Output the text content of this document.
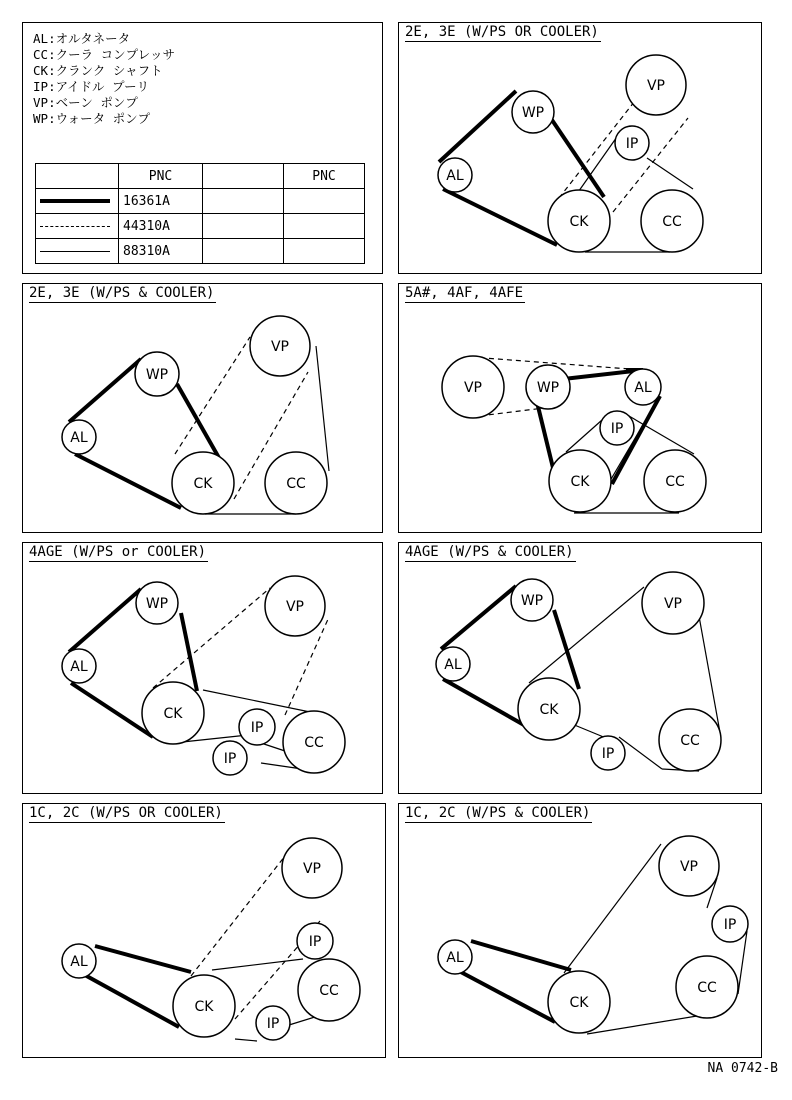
AL:オルタネータ
CC:クーラ コンプレッサ
CK:クランク シャフト
IP:アイドル プーリ
VP:ベーン ポンプ
WP:ウォータ ポンプ
	PNC		PNC

	16361A		

	44310A		

	88310A		
2E, 3E (W/PS OR COOLER)
AL
WP
CK
VP
IP
CC
2E, 3E (W/PS & COOLER)
AL
WP
CK
VP
CC
5A#, 4AF, 4AFE
VP	WP	AL
IP
CK	CC
4AGE (W/PS or COOLER)
AL
WP
CK
VP
IP
IP
CC
4AGE (W/PS & COOLER)
AL
WP
CK
VP
IP
CC
1C, 2C (W/PS OR COOLER)
AL
CK
VP
IP
IP
CC
1C, 2C (W/PS & COOLER)
AL
CK
VP
IP
CC
NA 0742-B
